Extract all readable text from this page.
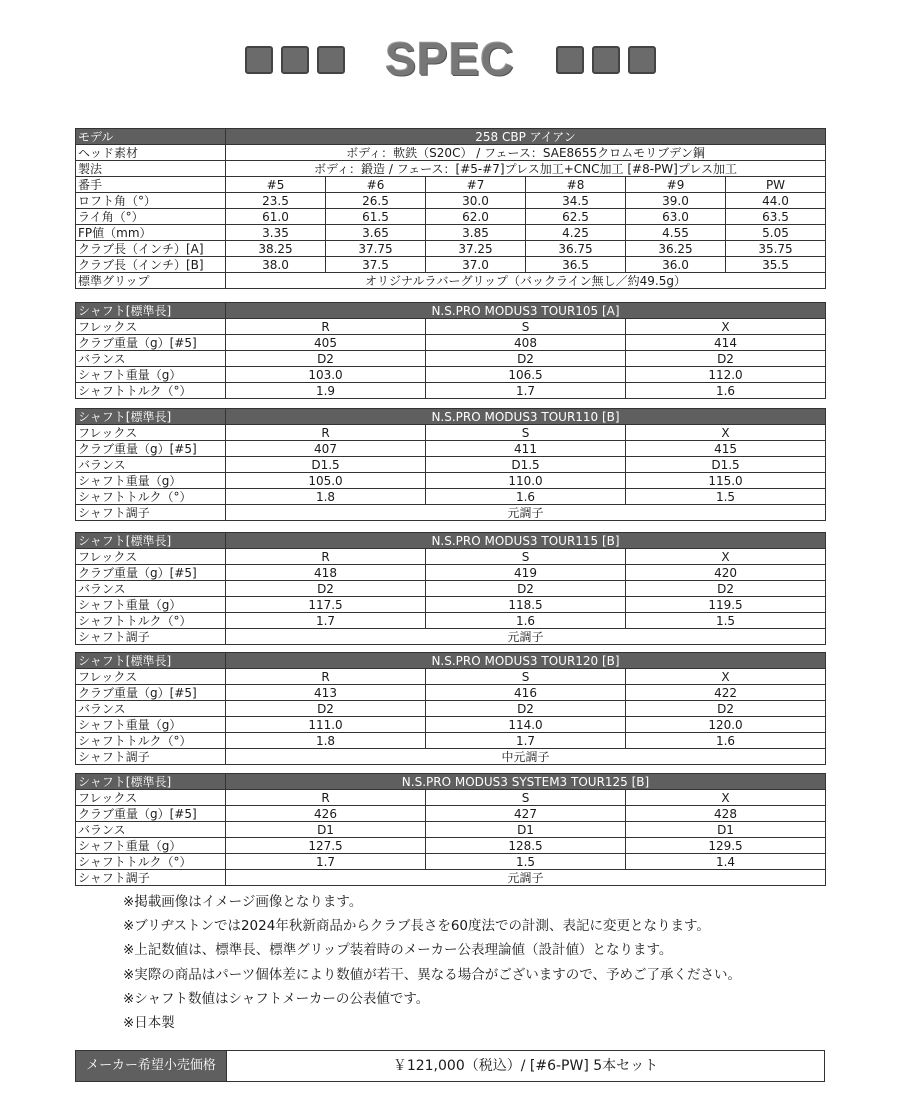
SPEC
モデル	258 CBP アイアン					
ヘッド素材	ボディ：軟鉄（S20C） / フェース：SAE8655クロムモリブデン鋼					
製法	ボディ：鍛造 / フェース：[#5-#7]プレス加工+CNC加工 [#8-PW]プレス加工					
番手	#5	#6	#7	#8	#9	PW
ロフト角（°）	23.5	26.5	30.0	34.5	39.0	44.0
ライ角（°）	61.0	61.5	62.0	62.5	63.0	63.5
FP値（mm）	3.35	3.65	3.85	4.25	4.55	5.05
クラブ長（インチ）[A]	38.25	37.75	37.25	36.75	36.25	35.75
クラブ長（インチ）[B]	38.0	37.5	37.0	36.5	36.0	35.5
標準グリップ	オリジナルラバーグリップ（バックライン無し／約49.5g）					
シャフト[標準長]	N.S.PRO MODUS3 TOUR105 [A]		
フレックス	R	S	X
クラブ重量（g）[#5]	405	408	414
バランス	D2	D2	D2
シャフト重量（g）	103.0	106.5	112.0
シャフトトルク（°）	1.9	1.7	1.6
シャフト[標準長]	N.S.PRO MODUS3 TOUR110 [B]		
フレックス	R	S	X
クラブ重量（g）[#5]	407	411	415
バランス	D1.5	D1.5	D1.5
シャフト重量（g）	105.0	110.0	115.0
シャフトトルク（°）	1.8	1.6	1.5
シャフト調子	元調子		
シャフト[標準長]	N.S.PRO MODUS3 TOUR115 [B]		
フレックス	R	S	X
クラブ重量（g）[#5]	418	419	420
バランス	D2	D2	D2
シャフト重量（g）	117.5	118.5	119.5
シャフトトルク（°）	1.7	1.6	1.5
シャフト調子	元調子		
シャフト[標準長]	N.S.PRO MODUS3 TOUR120 [B]		
フレックス	R	S	X
クラブ重量（g）[#5]	413	416	422
バランス	D2	D2	D2
シャフト重量（g）	111.0	114.0	120.0
シャフトトルク（°）	1.8	1.7	1.6
シャフト調子	中元調子		
シャフト[標準長]	N.S.PRO MODUS3 SYSTEM3 TOUR125 [B]		
フレックス	R	S	X
クラブ重量（g）[#5]	426	427	428
バランス	D1	D1	D1
シャフト重量（g）	127.5	128.5	129.5
シャフトトルク（°）	1.7	1.5	1.4
シャフト調子	元調子		
※掲載画像はイメージ画像となります。
※ブリヂストンでは2024年秋新商品からクラブ長さを60度法での計測、表記に変更となります。
※上記数値は、標準長、標準グリップ装着時のメーカー公表理論値（設計値）となります。
※実際の商品はパーツ個体差により数値が若干、異なる場合がございますので、予めご了承ください。
※シャフト数値はシャフトメーカーの公表値です。
※日本製
メーカー希望小売価格	￥121,000（税込）/ [#6-PW] 5本セット
